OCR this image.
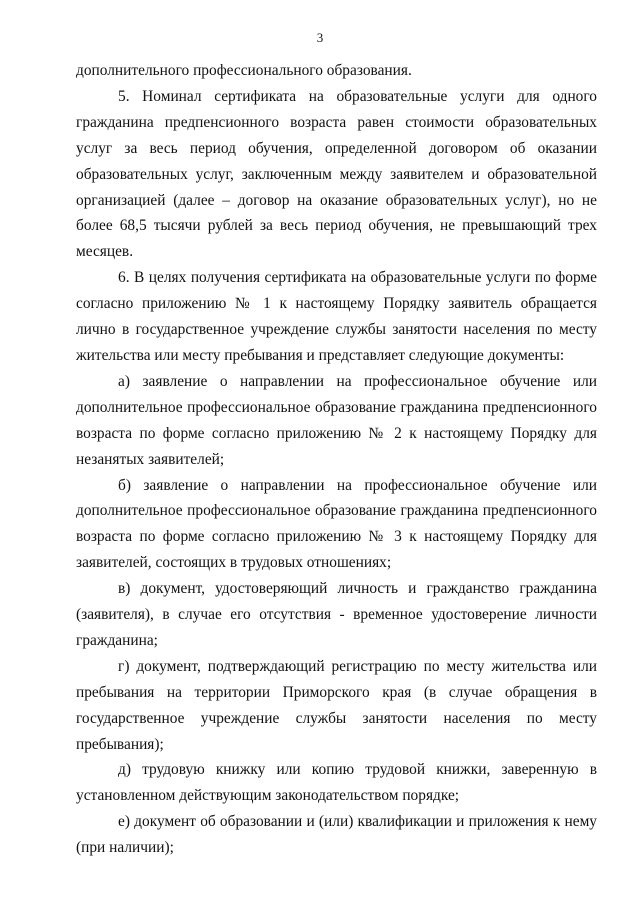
3

дополнительного профессионального образования.

5. Номинал сертификата на образовательные услуги для одного гражданина предпенсионного возраста равен стоимости образовательных услуг за весь период обучения, определенной договором об оказании образовательных услуг, заключенным между заявителем и образовательной организацией (далее – договор на оказание образовательных услуг), но не более 68,5 тысячи рублей за весь период обучения, не превышающий трех месяцев.

6. В целях получения сертификата на образовательные услуги по форме согласно приложению № 1 к настоящему Порядку заявитель обращается лично в государственное учреждение службы занятости населения по месту жительства или месту пребывания и представляет следующие документы:

а) заявление о направлении на профессиональное обучение или дополнительное профессиональное образование гражданина предпенсионного возраста по форме согласно приложению № 2 к настоящему Порядку для незанятых заявителей;

б) заявление о направлении на профессиональное обучение или дополнительное профессиональное образование гражданина предпенсионного возраста по форме согласно приложению № 3 к настоящему Порядку для заявителей, состоящих в трудовых отношениях;

в) документ, удостоверяющий личность и гражданство гражданина (заявителя), в случае его отсутствия - временное удостоверение личности гражданина;

г) документ, подтверждающий регистрацию по месту жительства или пребывания на территории Приморского края (в случае обращения в государственное учреждение службы занятости населения по месту пребывания);

д) трудовую книжку или копию трудовой книжки, заверенную в установленном действующим законодательством порядке;

е) документ об образовании и (или) квалификации и приложения к нему (при наличии);
